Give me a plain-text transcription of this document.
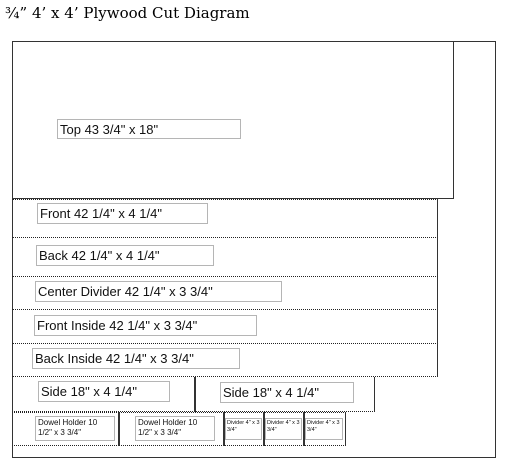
¾” 4’ x 4’ Plywood Cut Diagram
Top 43 3/4" x 18"
Front 42 1/4" x 4 1/4"
Back 42 1/4" x 4 1/4"
Center Divider 42 1/4" x 3 3/4"
Front Inside 42 1/4" x 3 3/4"
Back Inside 42 1/4" x 3 3/4"
Side 18" x 4 1/4"	Side 18" x 4 1/4"
Dowel Holder 10 1/2" x 3 3/4"
Dowel Holder 10 1/2" x 3 3/4"
Divider 4" x 3 3/4"
Divider 4" x 3 3/4"
Divider 4" x 3 3/4"
